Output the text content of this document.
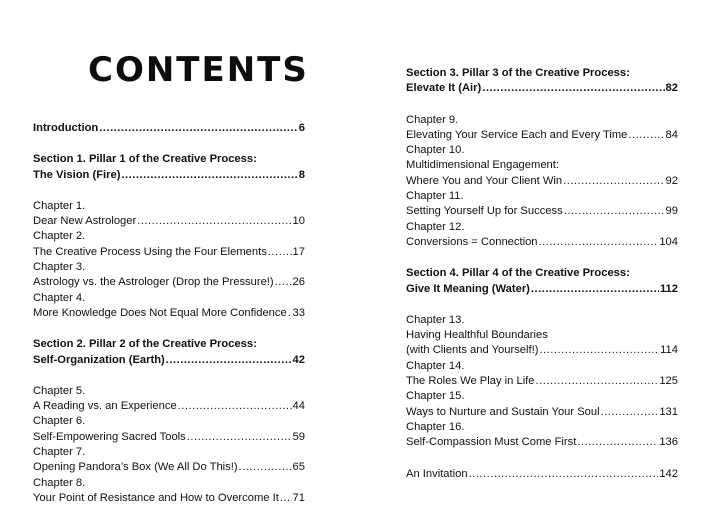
CONTENTS
Introduction .....	6
Section 1. Pillar 1 of the Creative Process:
The Vision (Fire) .....	8
Chapter 1.
Dear New Astrologer .....	10
Chapter 2.
The Creative Process Using the Four Elements ..... 17
Chapter 3.
Astrology vs. the Astrologer (Drop the Pressure!) ..... 26
Chapter 4.
More Knowledge Does Not Equal More Confidence ..... 33
Section 2. Pillar 2 of the Creative Process:
Self-Organization (Earth) .....	42
Chapter 5.
A Reading vs. an Experience .....	44
Chapter 6.
Self-Empowering Sacred Tools .....	59
Chapter 7.
Opening Pandora’s Box (We All Do This!) .....	65
Chapter 8.
Your Point of Resistance and How to Overcome It ..... 71
Section 3. Pillar 3 of the Creative Process:
Elevate It (Air) .....	82
Chapter 9.
Elevating Your Service Each and Every Time .....	84
Chapter 10.
Multidimensional Engagement:
Where You and Your Client Win .....	92
Chapter 11.
Setting Yourself Up for Success .....	99
Chapter 12.
Conversions = Connection .....	104
Section 4. Pillar 4 of the Creative Process:
Give It Meaning (Water) .....	112
Chapter 13.
Having Healthful Boundaries
(with Clients and Yourself!) .....	114
Chapter 14.
The Roles We Play in Life .....	125
Chapter 15.
Ways to Nurture and Sustain Your Soul .....	131
Chapter 16.
Self-Compassion Must Come First .....	136
An Invitation .....	142
